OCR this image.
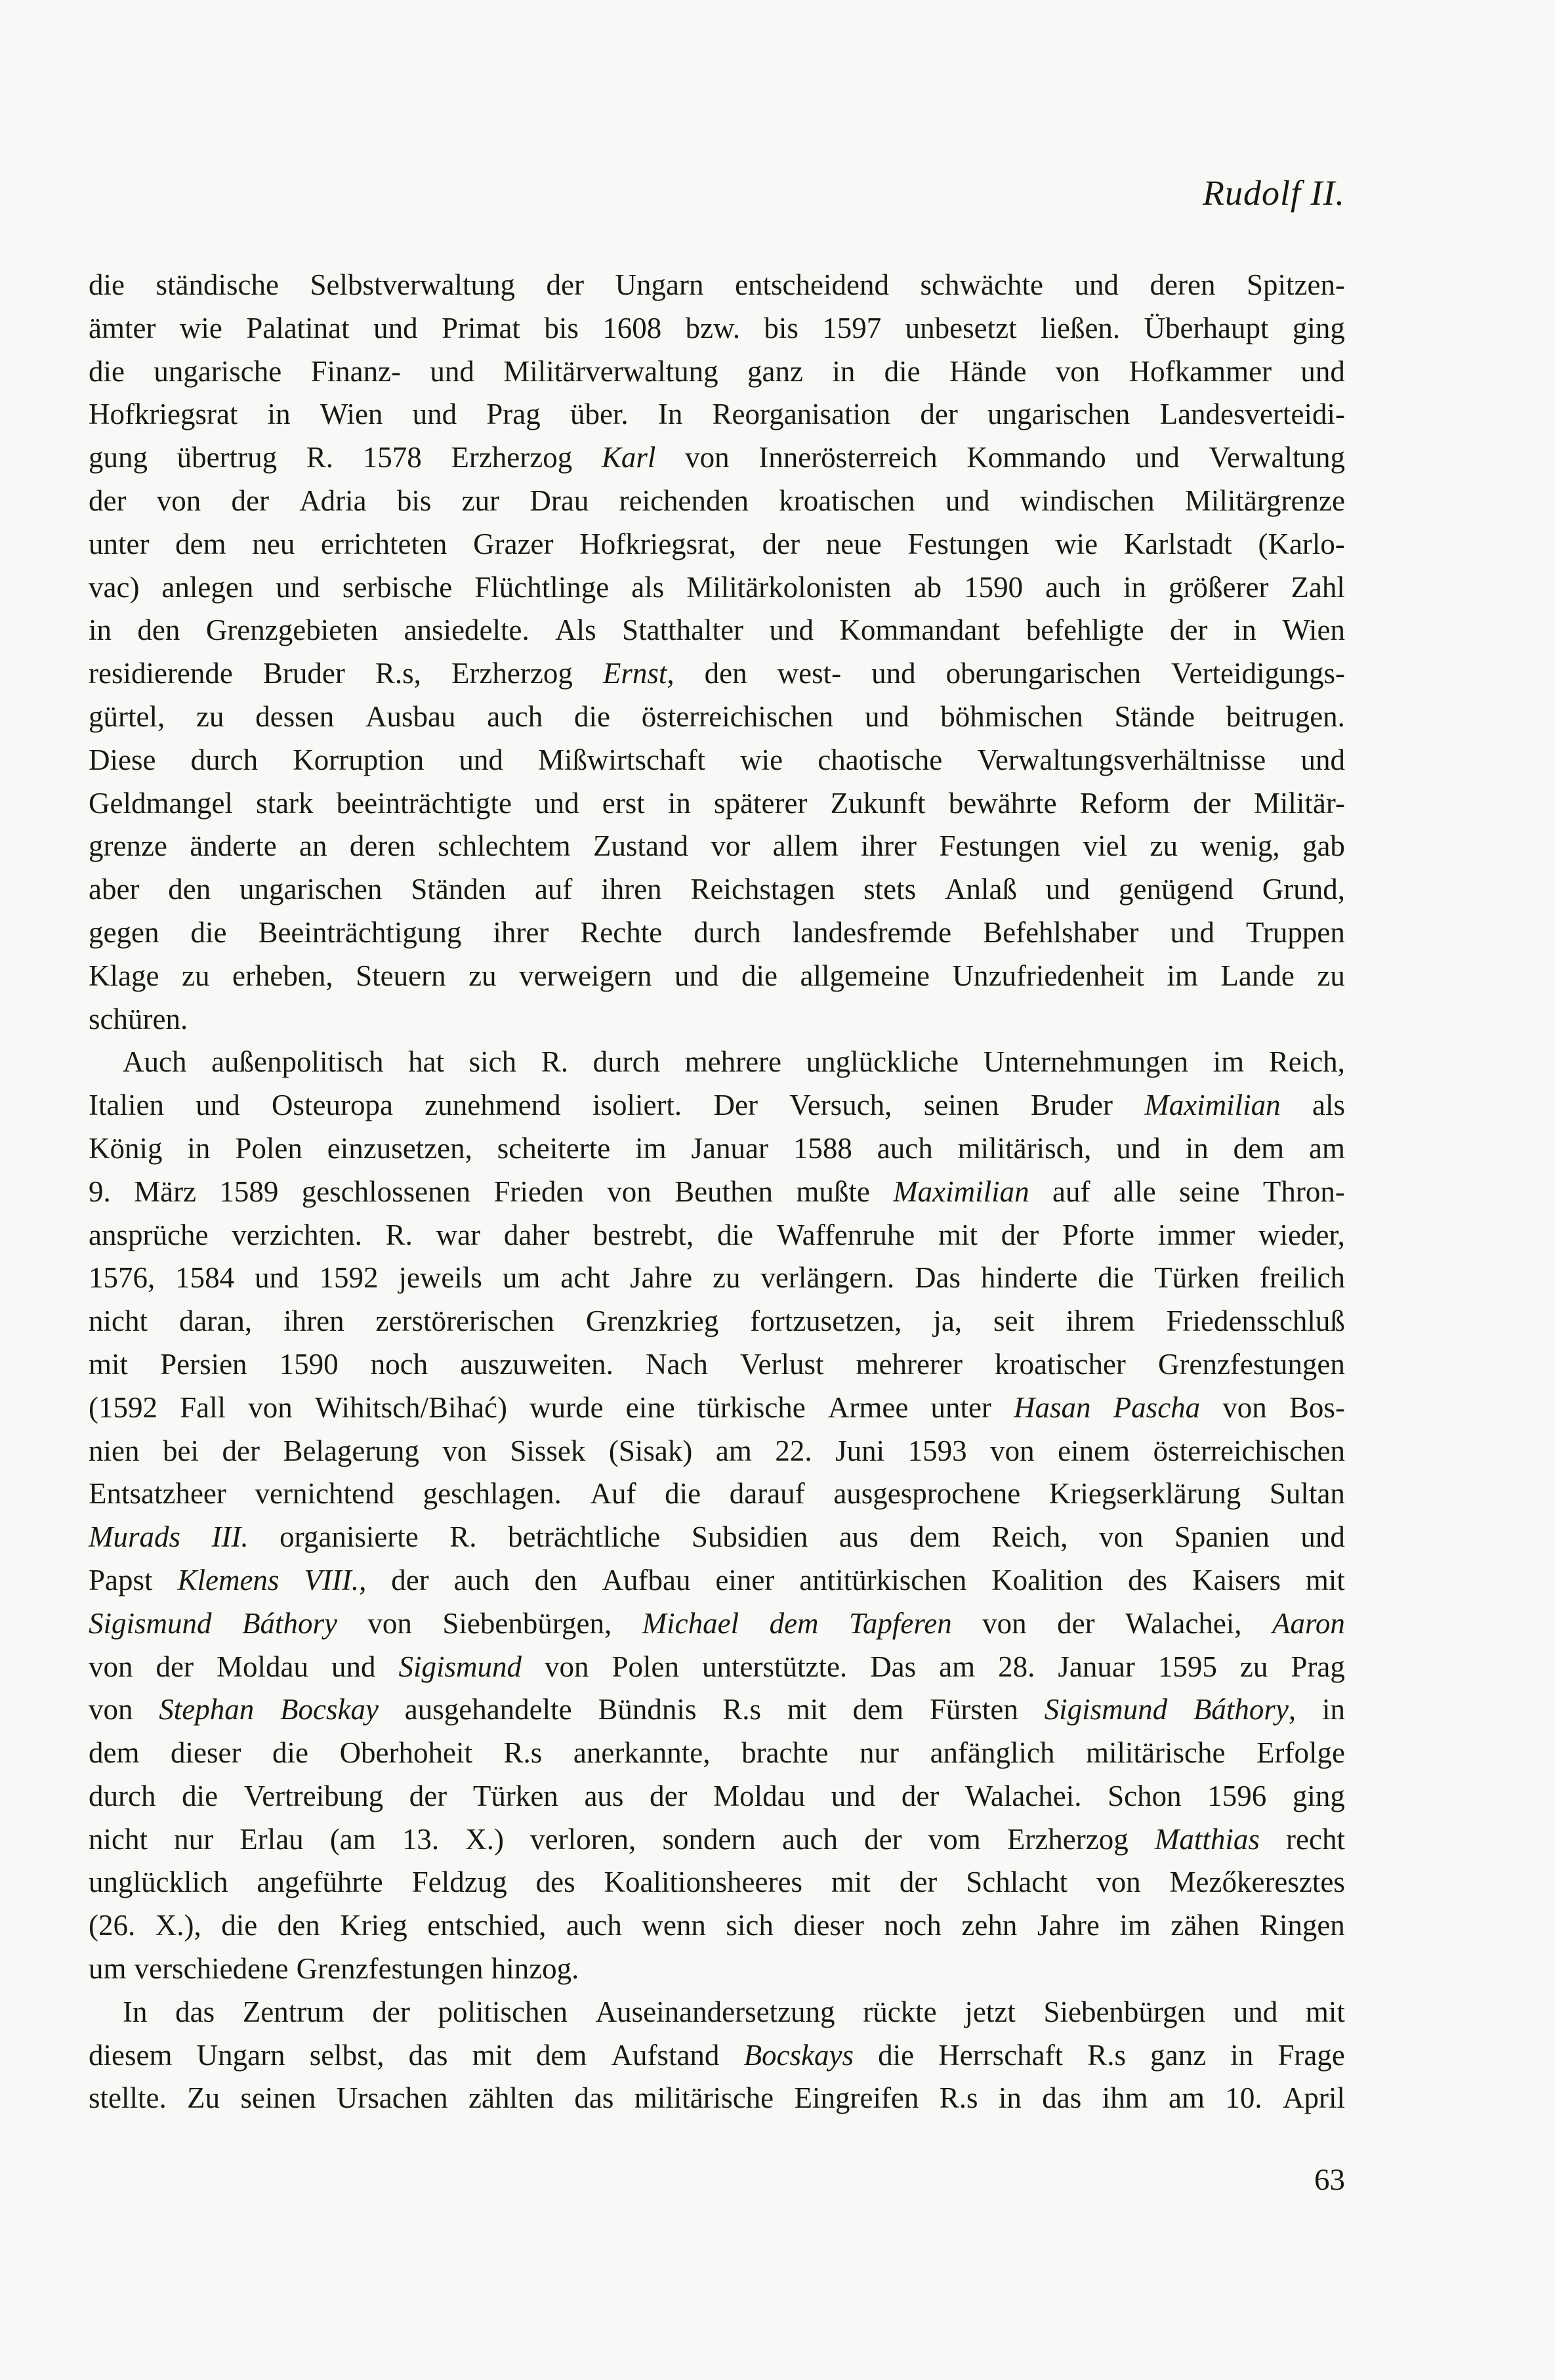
Rudolf II.
die ständische Selbstverwaltung der Ungarn entscheidend schwächte und deren Spitzen-
ämter wie Palatinat und Primat bis 1608 bzw. bis 1597 unbesetzt ließen. Überhaupt ging
die ungarische Finanz- und Militärverwaltung ganz in die Hände von Hofkammer und
Hofkriegsrat in Wien und Prag über. In Reorganisation der ungarischen Landesverteidi-
gung übertrug R. 1578 Erzherzog Karl von Innerösterreich Kommando und Verwaltung
der von der Adria bis zur Drau reichenden kroatischen und windischen Militärgrenze
unter dem neu errichteten Grazer Hofkriegsrat, der neue Festungen wie Karlstadt (Karlo-
vac) anlegen und serbische Flüchtlinge als Militärkolonisten ab 1590 auch in größerer Zahl
in den Grenzgebieten ansiedelte. Als Statthalter und Kommandant befehligte der in Wien
residierende Bruder R.s, Erzherzog Ernst, den west- und oberungarischen Verteidigungs-
gürtel, zu dessen Ausbau auch die österreichischen und böhmischen Stände beitrugen.
Diese durch Korruption und Mißwirtschaft wie chaotische Verwaltungsverhältnisse und
Geldmangel stark beeinträchtigte und erst in späterer Zukunft bewährte Reform der Militär-
grenze änderte an deren schlechtem Zustand vor allem ihrer Festungen viel zu wenig, gab
aber den ungarischen Ständen auf ihren Reichstagen stets Anlaß und genügend Grund,
gegen die Beeinträchtigung ihrer Rechte durch landesfremde Befehlshaber und Truppen
Klage zu erheben, Steuern zu verweigern und die allgemeine Unzufriedenheit im Lande zu
schüren.
Auch außenpolitisch hat sich R. durch mehrere unglückliche Unternehmungen im Reich,
Italien und Osteuropa zunehmend isoliert. Der Versuch, seinen Bruder Maximilian als
König in Polen einzusetzen, scheiterte im Januar 1588 auch militärisch, und in dem am
9. März 1589 geschlossenen Frieden von Beuthen mußte Maximilian auf alle seine Thron-
ansprüche verzichten. R. war daher bestrebt, die Waffenruhe mit der Pforte immer wieder,
1576, 1584 und 1592 jeweils um acht Jahre zu verlängern. Das hinderte die Türken freilich
nicht daran, ihren zerstörerischen Grenzkrieg fortzusetzen, ja, seit ihrem Friedensschluß
mit Persien 1590 noch auszuweiten. Nach Verlust mehrerer kroatischer Grenzfestungen
(1592 Fall von Wihitsch/Bihać) wurde eine türkische Armee unter Hasan Pascha von Bos-
nien bei der Belagerung von Sissek (Sisak) am 22. Juni 1593 von einem österreichischen
Entsatzheer vernichtend geschlagen. Auf die darauf ausgesprochene Kriegserklärung Sultan
Murads III. organisierte R. beträchtliche Subsidien aus dem Reich, von Spanien und
Papst Klemens VIII., der auch den Aufbau einer antitürkischen Koalition des Kaisers mit
Sigismund Báthory von Siebenbürgen, Michael dem Tapferen von der Walachei, Aaron
von der Moldau und Sigismund von Polen unterstützte. Das am 28. Januar 1595 zu Prag
von Stephan Bocskay ausgehandelte Bündnis R.s mit dem Fürsten Sigismund Báthory, in
dem dieser die Oberhoheit R.s anerkannte, brachte nur anfänglich militärische Erfolge
durch die Vertreibung der Türken aus der Moldau und der Walachei. Schon 1596 ging
nicht nur Erlau (am 13. X.) verloren, sondern auch der vom Erzherzog Matthias recht
unglücklich angeführte Feldzug des Koalitionsheeres mit der Schlacht von Mezőkeresztes
(26. X.), die den Krieg entschied, auch wenn sich dieser noch zehn Jahre im zähen Ringen
um verschiedene Grenzfestungen hinzog.
In das Zentrum der politischen Auseinandersetzung rückte jetzt Siebenbürgen und mit
diesem Ungarn selbst, das mit dem Aufstand Bocskays die Herrschaft R.s ganz in Frage
stellte. Zu seinen Ursachen zählten das militärische Eingreifen R.s in das ihm am 10. April
63
